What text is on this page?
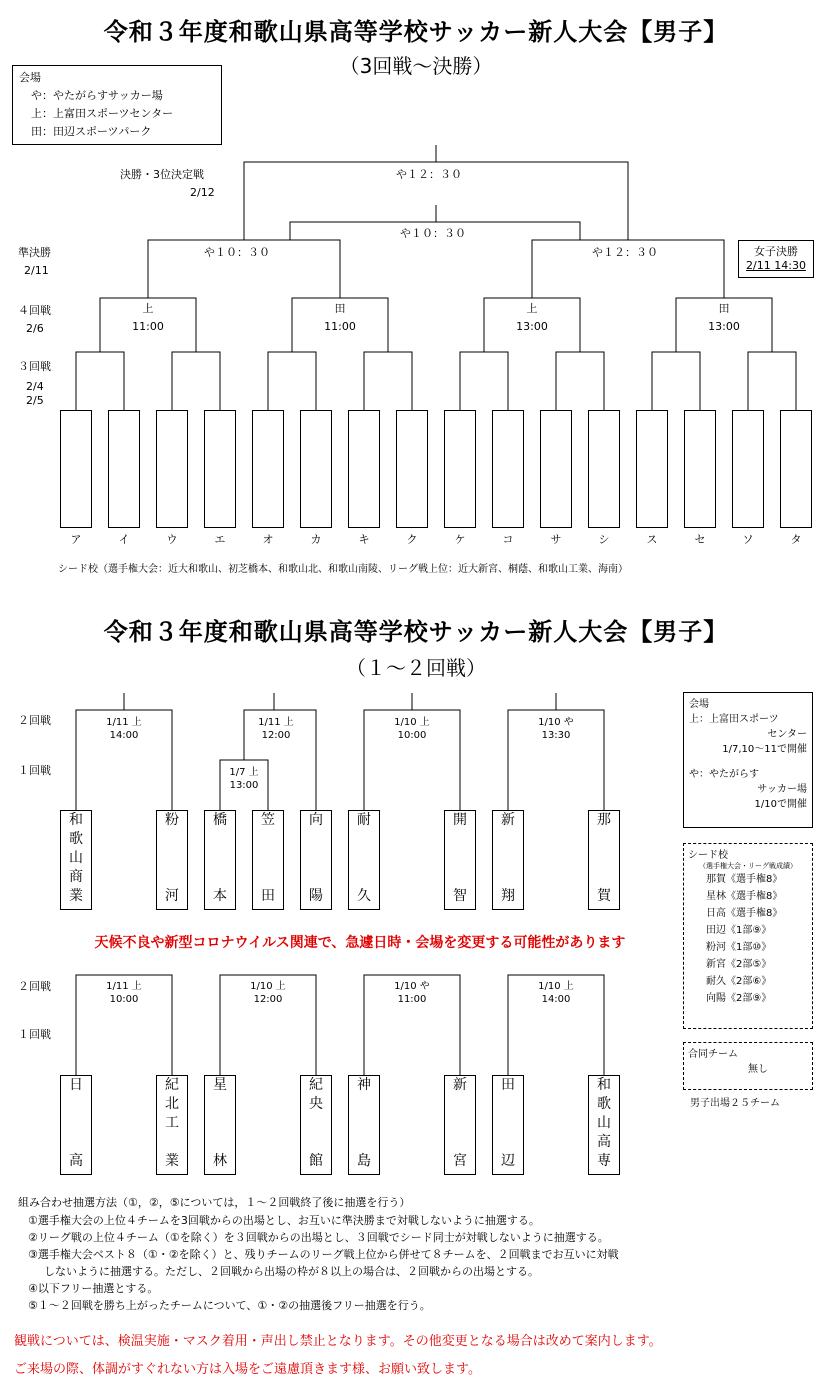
令和３年度和歌山県高等学校サッカー新人大会【男子】
（3回戦～決勝）
会場
や：やたがらすサッカー場
上：上富田スポーツセンター
田：田辺スポーツパーク
決勝・3位決定戦
2/12
準決勝
2/11
４回戦
2/6
３回戦
2/4
2/5
や１２：３０
や１０：３０
や１０：３０	や１２：３０	女子決勝
2/11 14:30
上
11:00
田
11:00
上
13:00
田
13:00
ア	イ	ウ	エ	オ	カ	キ	ク	ケ	コ	サ	シ	ス	セ	ソ	タ
シード校（選手権大会：近大和歌山、初芝橋本、和歌山北、和歌山南陵、リーグ戦上位：近大新宮、桐蔭、和歌山工業、海南）
令和３年度和歌山県高等学校サッカー新人大会【男子】
（１～２回戦）
２回戦
１回戦
２回戦
１回戦
1/11 上
14:00
1/11 上
12:00
1/10 上
10:00
1/10 や
13:30
1/7 上
13:00
1/11 上
10:00
1/10 上
12:00
1/10 や
11:00
1/10 上
14:00
和
歌
山
商
業
粉
河
橋
本
笠
田
向
陽
耐
久
開
智
新
翔
那
賀
日
高
紀
北
工
業
星
林
紀
央
館
神
島
新
宮
田
辺
和
歌
山
高
専
天候不良や新型コロナウイルス関連で、急遽日時・会場を変更する可能性があります
会場
上：上富田スポーツ
センター
1/7,10～11で開催
や：やたがらす
サッカー場
1/10で開催
シード校
（選手権大会・リーグ戦成績）
那賀《選手権8》
星林《選手権8》
日高《選手権8》
田辺《1部⑨》
粉河《1部⑩》
新宮《2部⑤》
耐久《2部⑥》
向陽《2部⑨》
合同チーム
無し
男子出場２５チーム
組み合わせ抽選方法（①，②，⑤については，１～２回戦終了後に抽選を行う）
①選手権大会の上位４チームを3回戦からの出場とし、お互いに準決勝まで対戦しないように抽選する。
②リーグ戦の上位４チーム（①を除く）を３回戦からの出場とし、３回戦でシード同士が対戦しないように抽選する。
③選手権大会ベスト８（①・②を除く）と、残りチームのリーグ戦上位から併せて８チームを、２回戦までお互いに対戦
しないように抽選する。ただし、２回戦から出場の枠が８以上の場合は、２回戦からの出場とする。
④以下フリー抽選とする。
⑤１～２回戦を勝ち上がったチームについて、①・②の抽選後フリー抽選を行う。
観戦については、検温実施・マスク着用・声出し禁止となります。その他変更となる場合は改めて案内します。
ご来場の際、体調がすぐれない方は入場をご遠慮頂きます様、お願い致します。
